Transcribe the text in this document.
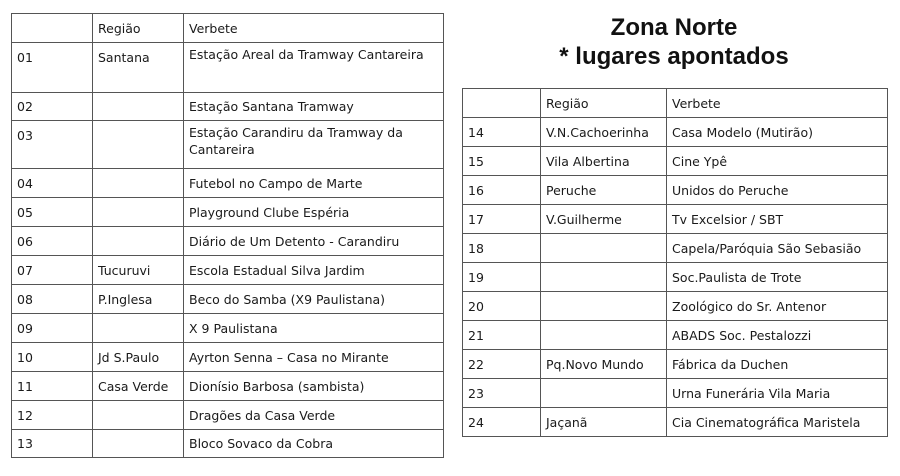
Zona Norte
* lugares apontados
	Região	Verbete
01	Santana	Estação Areal da Tramway Cantareira
02		Estação Santana Tramway
03		Estação Carandiru da Tramway da Cantareira
04		Futebol no Campo de Marte
05		Playground Clube Espéria
06		Diário de Um Detento - Carandiru
07	Tucuruvi	Escola Estadual Silva Jardim
08	P.Inglesa	Beco do Samba (X9 Paulistana)
09		X 9 Paulistana
10	Jd S.Paulo	Ayrton Senna – Casa no Mirante
11	Casa Verde	Dionísio Barbosa (sambista)
12		Dragões da Casa Verde
13		Bloco Sovaco da Cobra
	Região	Verbete
14	V.N.Cachoerinha	Casa Modelo (Mutirão)
15	Vila Albertina	Cine Ypê
16	Peruche	Unidos do Peruche
17	V.Guilherme	Tv Excelsior / SBT
18		Capela/Paróquia São Sebasião
19		Soc.Paulista de Trote
20		Zoológico do Sr. Antenor
21		ABADS Soc. Pestalozzi
22	Pq.Novo Mundo	Fábrica da Duchen
23		Urna Funerária Vila Maria
24	Jaçanã	Cia Cinematográfica Maristela
